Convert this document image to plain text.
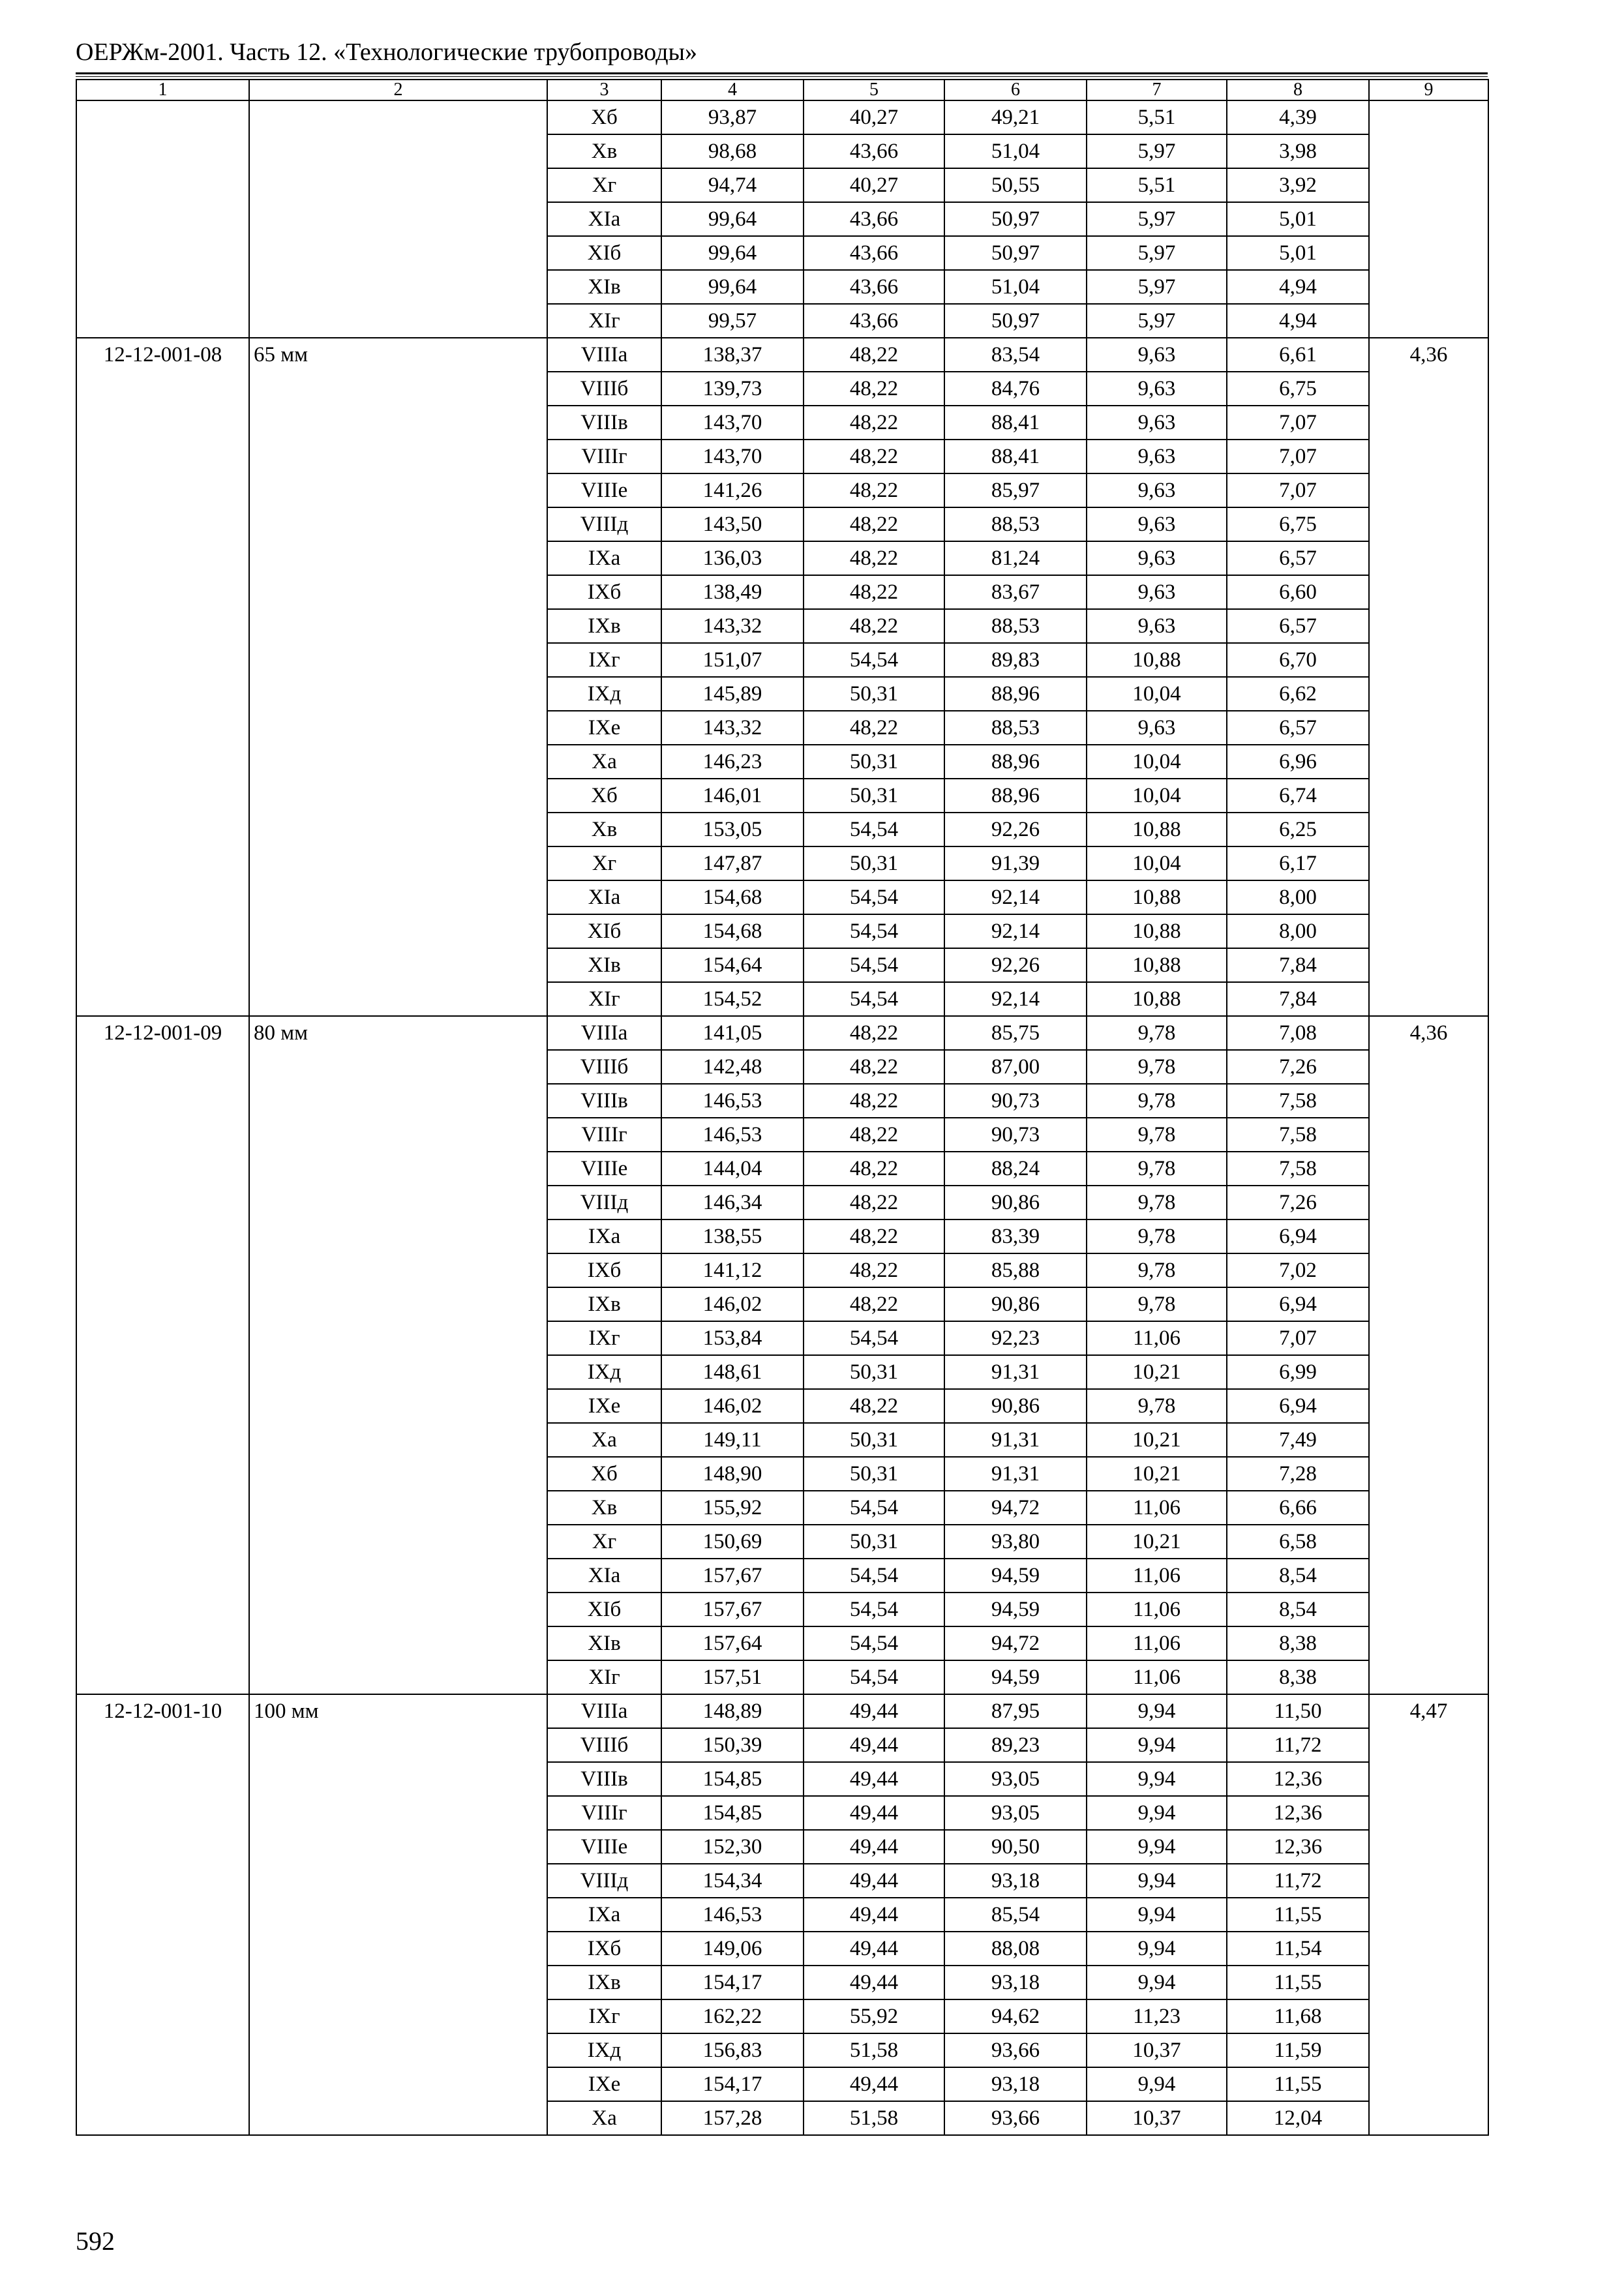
ОЕРЖм-2001. Часть 12. «Технологические трубопроводы»
1	2	3	4	5	6	7	8	9
		Xб	93,87	40,27	49,21	5,51	4,39	
		Xв	98,68	43,66	51,04	5,97	3,98	
		Xг	94,74	40,27	50,55	5,51	3,92	
		XIа	99,64	43,66	50,97	5,97	5,01	
		XIб	99,64	43,66	50,97	5,97	5,01	
		XIв	99,64	43,66	51,04	5,97	4,94	
		XIг	99,57	43,66	50,97	5,97	4,94	
12-12-001-08	65 мм	VIIIа	138,37	48,22	83,54	9,63	6,61	4,36
		VIIIб	139,73	48,22	84,76	9,63	6,75	
		VIIIв	143,70	48,22	88,41	9,63	7,07	
		VIIIг	143,70	48,22	88,41	9,63	7,07	
		VIIIе	141,26	48,22	85,97	9,63	7,07	
		VIIIд	143,50	48,22	88,53	9,63	6,75	
		IXа	136,03	48,22	81,24	9,63	6,57	
		IXб	138,49	48,22	83,67	9,63	6,60	
		IXв	143,32	48,22	88,53	9,63	6,57	
		IXг	151,07	54,54	89,83	10,88	6,70	
		IXд	145,89	50,31	88,96	10,04	6,62	
		IXе	143,32	48,22	88,53	9,63	6,57	
		Xа	146,23	50,31	88,96	10,04	6,96	
		Xб	146,01	50,31	88,96	10,04	6,74	
		Xв	153,05	54,54	92,26	10,88	6,25	
		Xг	147,87	50,31	91,39	10,04	6,17	
		XIа	154,68	54,54	92,14	10,88	8,00	
		XIб	154,68	54,54	92,14	10,88	8,00	
		XIв	154,64	54,54	92,26	10,88	7,84	
		XIг	154,52	54,54	92,14	10,88	7,84	
12-12-001-09	80 мм	VIIIа	141,05	48,22	85,75	9,78	7,08	4,36
		VIIIб	142,48	48,22	87,00	9,78	7,26	
		VIIIв	146,53	48,22	90,73	9,78	7,58	
		VIIIг	146,53	48,22	90,73	9,78	7,58	
		VIIIе	144,04	48,22	88,24	9,78	7,58	
		VIIIд	146,34	48,22	90,86	9,78	7,26	
		IXа	138,55	48,22	83,39	9,78	6,94	
		IXб	141,12	48,22	85,88	9,78	7,02	
		IXв	146,02	48,22	90,86	9,78	6,94	
		IXг	153,84	54,54	92,23	11,06	7,07	
		IXд	148,61	50,31	91,31	10,21	6,99	
		IXе	146,02	48,22	90,86	9,78	6,94	
		Xа	149,11	50,31	91,31	10,21	7,49	
		Xб	148,90	50,31	91,31	10,21	7,28	
		Xв	155,92	54,54	94,72	11,06	6,66	
		Xг	150,69	50,31	93,80	10,21	6,58	
		XIа	157,67	54,54	94,59	11,06	8,54	
		XIб	157,67	54,54	94,59	11,06	8,54	
		XIв	157,64	54,54	94,72	11,06	8,38	
		XIг	157,51	54,54	94,59	11,06	8,38	
12-12-001-10	100 мм	VIIIа	148,89	49,44	87,95	9,94	11,50	4,47
		VIIIб	150,39	49,44	89,23	9,94	11,72	
		VIIIв	154,85	49,44	93,05	9,94	12,36	
		VIIIг	154,85	49,44	93,05	9,94	12,36	
		VIIIе	152,30	49,44	90,50	9,94	12,36	
		VIIIд	154,34	49,44	93,18	9,94	11,72	
		IXа	146,53	49,44	85,54	9,94	11,55	
		IXб	149,06	49,44	88,08	9,94	11,54	
		IXв	154,17	49,44	93,18	9,94	11,55	
		IXг	162,22	55,92	94,62	11,23	11,68	
		IXд	156,83	51,58	93,66	10,37	11,59	
		IXе	154,17	49,44	93,18	9,94	11,55	
		Xа	157,28	51,58	93,66	10,37	12,04	
592
